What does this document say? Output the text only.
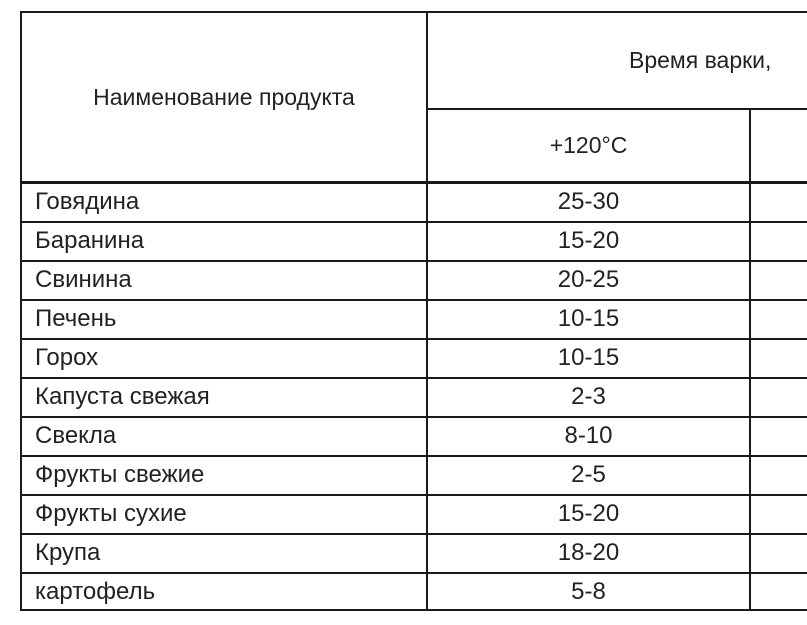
Наименование продукта
Время варки,
+120°C
Говядина	25-30
Баранина	15-20
Свинина	20-25
Печень	10-15
Горох	10-15
Капуста свежая	2-3
Свекла	8-10
Фрукты свежие	2-5
Фрукты сухие	15-20
Крупа	18-20
картофель	5-8
